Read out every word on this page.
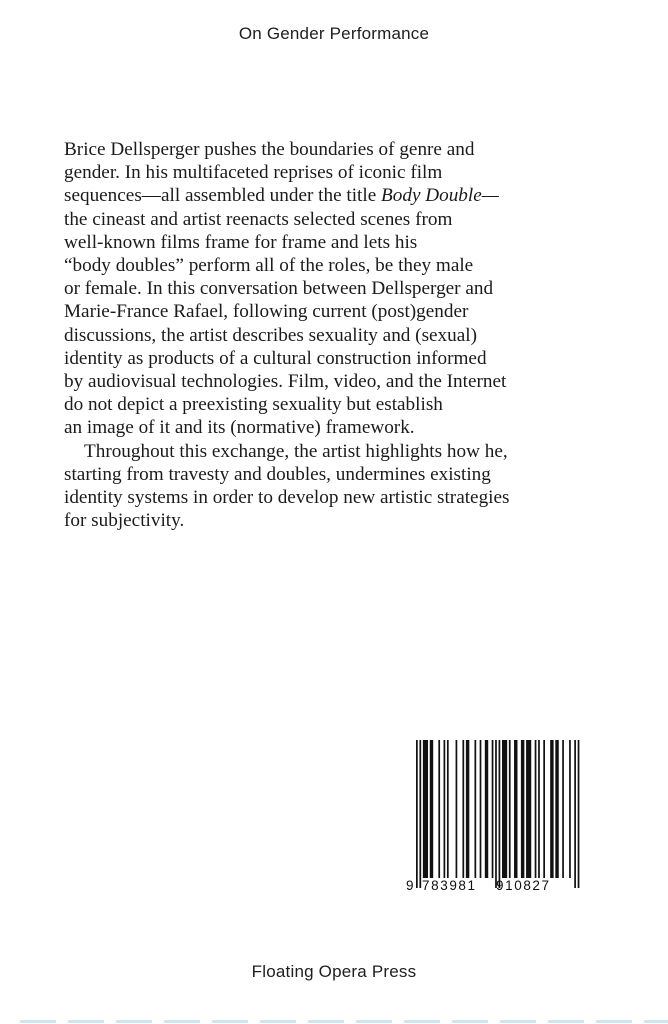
On Gender Performance

Brice Dellsperger pushes the boundaries of genre and
gender. In his multifaceted reprises of iconic film
sequences—all assembled under the title Body Double—
the cineast and artist reenacts selected scenes from
well-known films frame for frame and lets his
“body doubles” perform all of the roles, be they male
or female. In this conversation between Dellsperger and
Marie-France Rafael, following current (post)gender
discussions, the artist describes sexuality and (sexual)
identity as products of a cultural construction informed
by audiovisual technologies. Film, video, and the Internet
do not depict a preexisting sexuality but establish
an image of it and its (normative) framework.

Throughout this exchange, the artist highlights how he,
starting from travesty and doubles, undermines existing
identity systems in order to develop new artistic strategies
for subjectivity.

9 783981 910827
Floating Opera Press
